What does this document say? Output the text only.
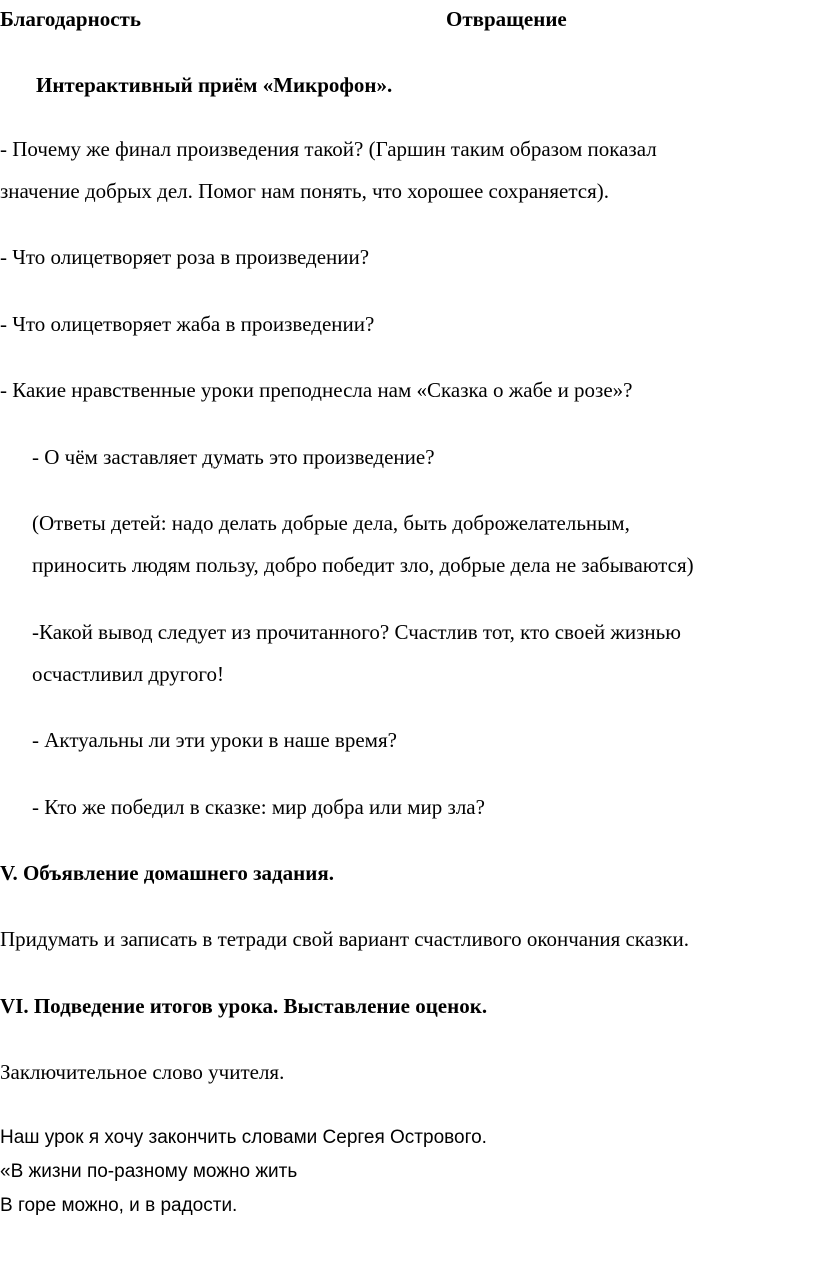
Благодарность	Отвращение
Интерактивный приём «Микрофон».
- Почему же финал произведения такой? (Гаршин таким образом показал
значение добрых дел. Помог нам понять, что хорошее сохраняется).
- Что олицетворяет роза в произведении?
- Что олицетворяет жаба в произведении?
- Какие нравственные уроки преподнесла нам «Сказка о жабе и розе»?
- О чём заставляет думать это произведение?
(Ответы детей: надо делать добрые дела, быть доброжелательным,
приносить людям пользу, добро победит зло, добрые дела не забываются)
-Какой вывод следует из прочитанного? Счастлив тот, кто своей жизнью
осчастливил другого!
- Актуальны ли эти уроки в наше время?
- Кто же победил в сказке: мир добра или мир зла?
V. Объявление домашнего задания.
Придумать и записать в тетради свой вариант счастливого окончания сказки.
VI. Подведение итогов урока. Выставление оценок.
Заключительное слово учителя.
Наш урок я хочу закончить словами Сергея Острового.
«В жизни по-разному можно жить
В горе можно, и в радости.
